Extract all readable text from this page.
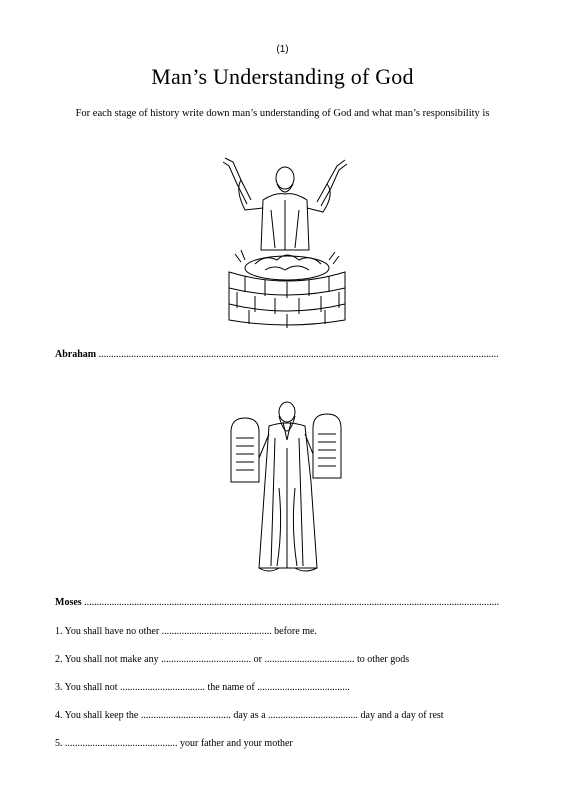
(1)
Man’s Understanding of God
For each stage of history write down man’s understanding of God and what man’s responsibility is
Abraham ................................................................................................................................................................
Moses ......................................................................................................................................................................
1. You shall have no other ............................................ before me.
2. You shall not make any .................................... or .................................... to other gods
3. You shall not .................................. the name of .....................................
4. You shall keep the .................................... day as a .................................... day and a day of rest
5. ............................................. your father and your mother
